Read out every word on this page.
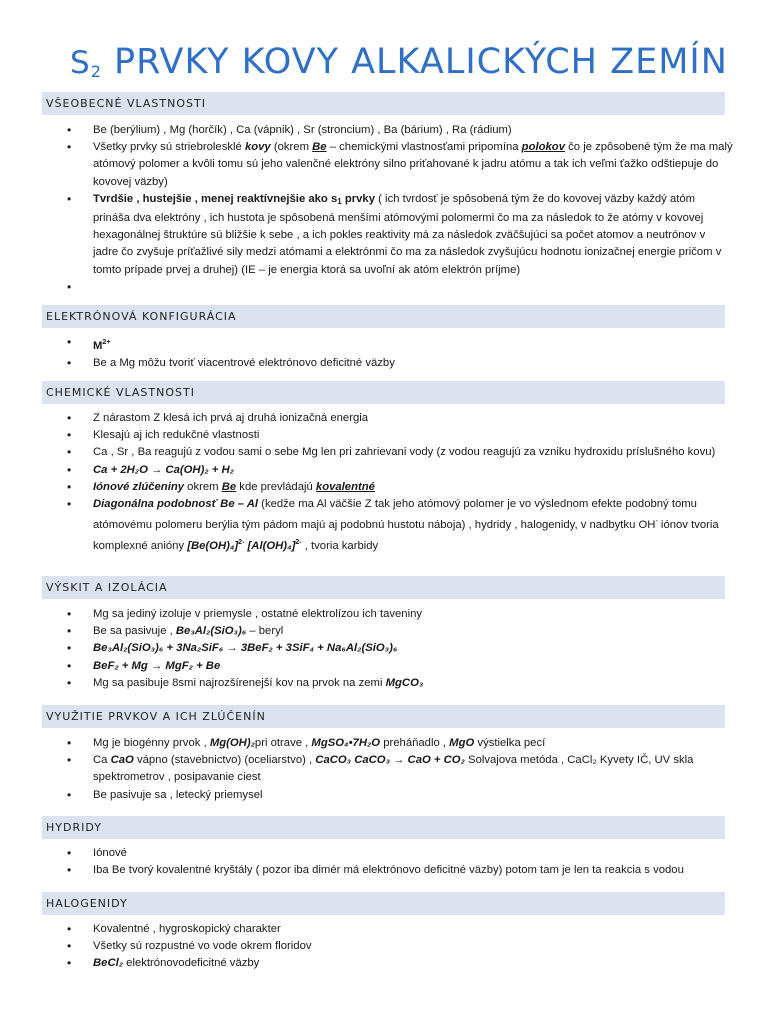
$S_2$ PRVKY KOVY ALKALICKÝCH ZEMÍN
VŠEOBECNÉ VLASTNOSTI
• Be (berýlium) , Mg (horčík) , Ca (vápnik) , Sr (stroncium) , Ba (bárium) , Ra (rádium)
• Všetky prvky sú striebrolesklé kovy (okrem Be – chemickými vlastnosťami pripomína polokov čo je zpôsobené tým že ma malý atómový polomer a kvôli tomu sú jeho valenčné elektróny silno priťahované k jadru atómu a tak ich veľmi ťažko odštiepuje do kovovej väzby)
• Tvrdšie , hustejšie , menej reaktívnejšie ako $s_1$ prvky ( ich tvrdosť je spôsobená tým že do kovovej väzby každý atóm prináša dva elektróny , ich hustota je spôsobená menšími atómovými polomermi čo ma za následok to že atómy v kovovej hexagonálnej štruktúre sú bližšie k sebe , a ich pokles reaktivity má za následok zväčšujúci sa počet atomov a neutrónov v jadre čo zvyšuje príťažlivé sily medzi atómami a elektrónmi čo ma za následok zvyšujúcu hodnotu ionizačnej energie pričom v tomto prípade prvej a druhej) (IE – je energia ktorá sa uvoľní ak atóm elektrón príjme)
•
ELEKTRÓNOVÁ KONFIGURÁCIA
• $M^{2+}$
• Be a Mg môžu tvoriť viacentrové elektrónovo deficitné väzby
CHEMICKÉ VLASTNOSTI
• Z nárastom Z klesá ich prvá aj druhá ionizačná energia
• Klesajú aj ich redukčné vlastnosti
• Ca , Sr , Ba reagujú z vodou sami o sebe Mg len pri zahrievani vody (z vodou reagujú za vzniku hydroxidu príslušného kovu)
• Ca + 2H₂O → Ca(OH)₂ + H₂
• Iónové zlúčeniny okrem Be kde prevládajú kovalentné
• Diagonálna podobnosť Be – Al (kedže ma Al väčšie Z tak jeho atómový polomer je vo výslednom efekte podobný tomu atómovému polomeru berýlia tým pádom majú aj podobnú hustotu náboja) , hydridy , halogenidy, v nadbytku OH- iónov tvoria komplexné anióny $[Be(OH)_4]^{2-}$ $[Al(OH)_4]^{2-}$ , tvoria karbidy
VÝSKIT A IZOLÁCIA
• Mg sa jediný izoluje v priemysle , ostatné elektrolízou ich taveniny
• Be sa pasivuje , Be₃Al₂(SiO₃)₆ – beryl
• Be₃Al₂(SiO₃)₆ + 3Na₂SiF₆ → 3BeF₂ + 3SiF₄ + Na₆Al₂(SiO₃)₆
• BeF₂ + Mg → MgF₂ + Be
• Mg sa pasibuje 8smi najrozšírenejší kov na prvok na zemi MgCO₃
VYUŽITIE PRVKOV A ICH ZLÚČENÍN
• Mg je biogénny prvok , Mg(OH)₂pri otrave , MgSO₄•7H₂O preháňadlo , MgO výstielka pecí
• Ca CaO vápno (stavebnictvo) (oceliarstvo) , CaCO₃ CaCO₃ → CaO + CO₂ Solvajova metóda , CaCl₂ Kyvety IČ, UV skla spektrometrov , posipavanie ciest
• Be pasivuje sa , letecký priemysel
HYDRIDY
• Iónové
• Iba Be tvorý kovalentné kryštály ( pozor iba dimér má elektrónovo deficitné väzby) potom tam je len ta reakcia s vodou
HALOGENIDY
• Kovalentné , hygroskopický charakter
• Všetky sú rozpustné vo vode okrem floridov
• BeCl₂ elektrónovodeficitné väzby
